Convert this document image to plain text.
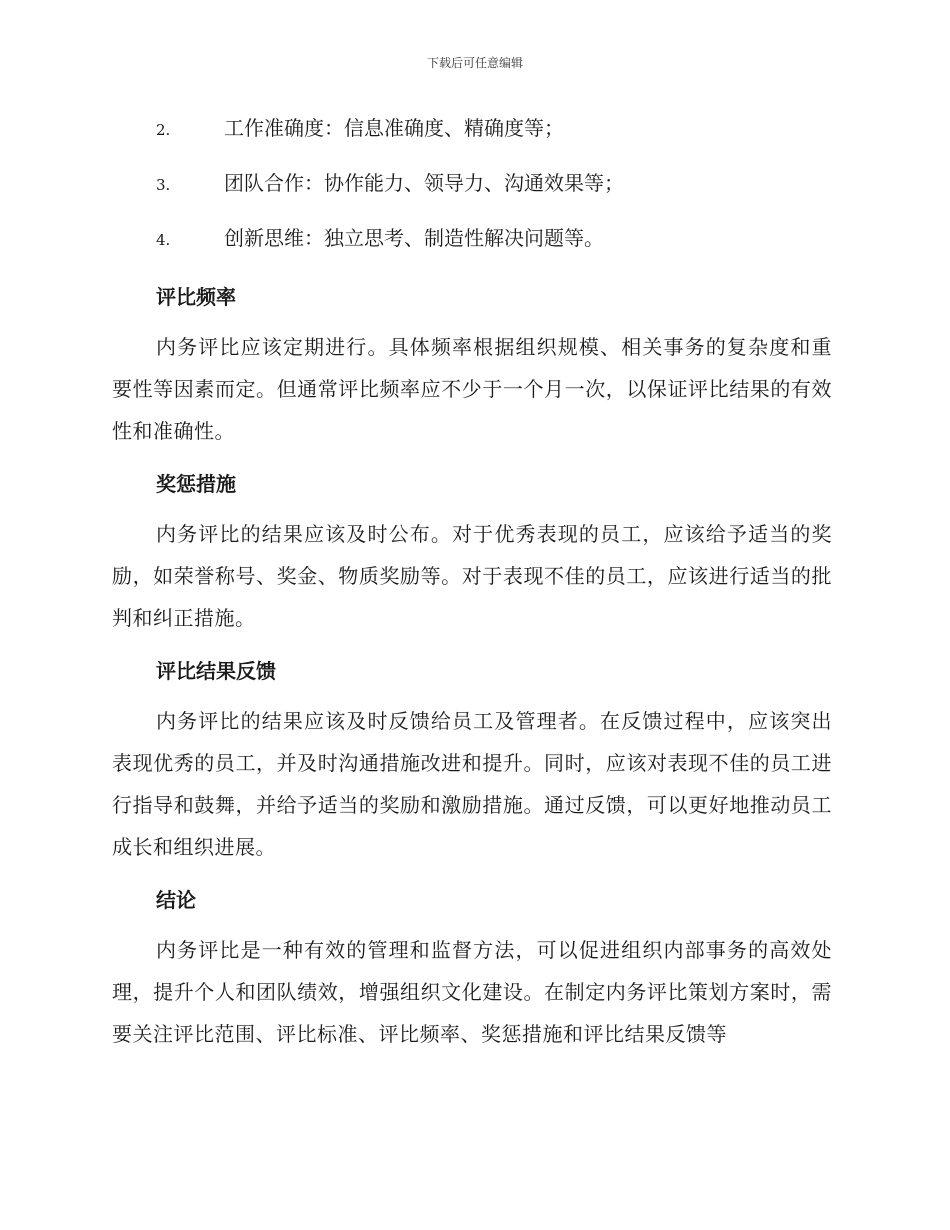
下载后可任意编辑
2.	工作准确度：信息准确度、精确度等；
3.	团队合作：协作能力、领导力、沟通效果等；
4.	创新思维：独立思考、制造性解决问题等。
评比频率

内务评比应该定期进行。具体频率根据组织规模、相关事务的复杂度和重要性等因素而定。但通常评比频率应不少于一个月一次，以保证评比结果的有效性和准确性。

奖惩措施

内务评比的结果应该及时公布。对于优秀表现的员工，应该给予适当的奖励，如荣誉称号、奖金、物质奖励等。对于表现不佳的员工，应该进行适当的批判和纠正措施。

评比结果反馈

内务评比的结果应该及时反馈给员工及管理者。在反馈过程中，应该突出表现优秀的员工，并及时沟通措施改进和提升。同时，应该对表现不佳的员工进行指导和鼓舞，并给予适当的奖励和激励措施。通过反馈，可以更好地推动员工成长和组织进展。

结论

内务评比是一种有效的管理和监督方法，可以促进组织内部事务的高效处理，提升个人和团队绩效，增强组织文化建设。在制定内务评比策划方案时，需要关注评比范围、评比标准、评比频率、奖惩措施和评比结果反馈等
